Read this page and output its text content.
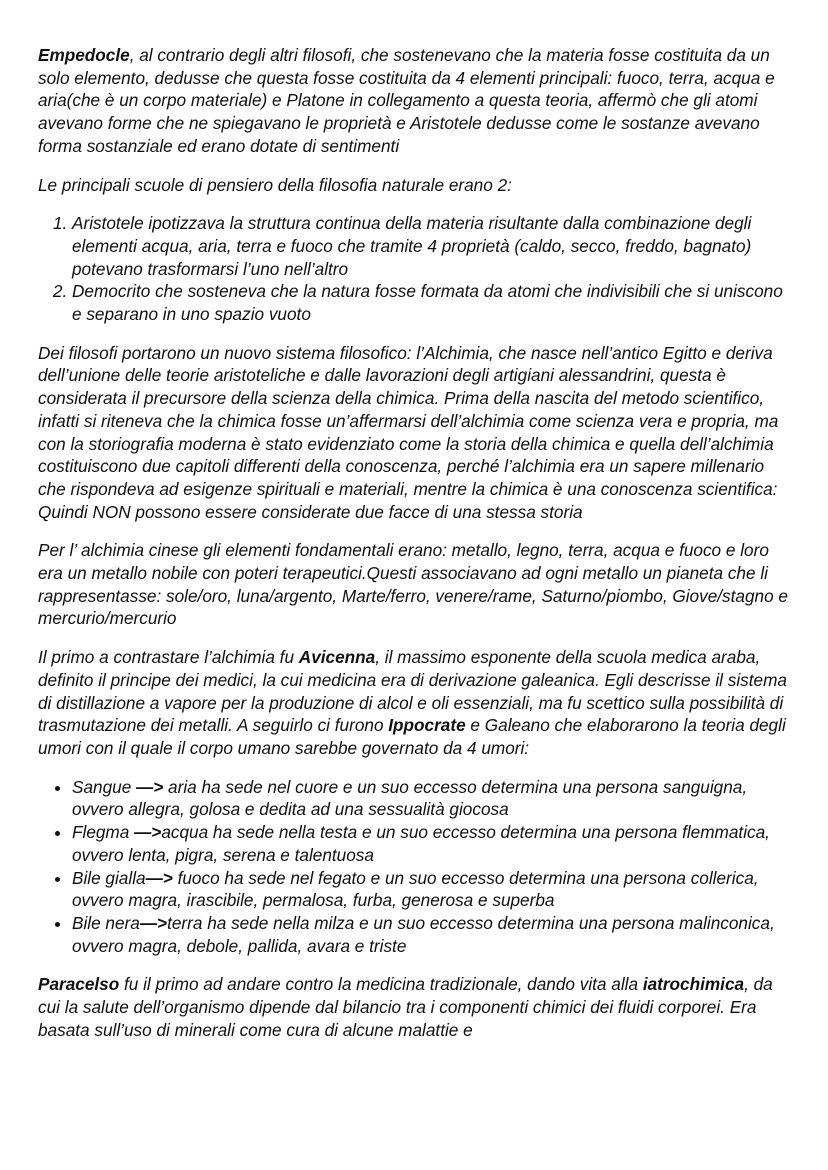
Empedocle, al contrario degli altri filosofi, che sostenevano che la materia fosse costituita da un solo elemento, dedusse che questa fosse costituita da 4 elementi principali: fuoco, terra, acqua e aria(che è un corpo materiale) e Platone in collegamento a questa teoria, affermò che gli atomi avevano forme che ne spiegavano le proprietà e Aristotele dedusse come le sostanze avevano forma sostanziale ed erano dotate di sentimenti

Le principali scuole di pensiero della filosofia naturale erano 2:

1. Aristotele ipotizzava la struttura continua della materia risultante dalla combinazione degli elementi acqua, aria, terra e fuoco che tramite 4 proprietà (caldo, secco, freddo, bagnato) potevano trasformarsi l’uno nell’altro
2. Democrito che sosteneva che la natura fosse formata da atomi che indivisibili che si uniscono e separano in uno spazio vuoto

Dei filosofi portarono un nuovo sistema filosofico: l’Alchimia, che nasce nell’antico Egitto e deriva dell’unione delle teorie aristoteliche e dalle lavorazioni degli artigiani alessandrini, questa è considerata il precursore della scienza della chimica. Prima della nascita del metodo scientifico, infatti si riteneva che la chimica fosse un’affermarsi dell’alchimia come scienza vera e propria, ma con la storiografia moderna è stato evidenziato come la storia della chimica e quella dell’alchimia costituiscono due capitoli differenti della conoscenza, perché l’alchimia era un sapere millenario che rispondeva ad esigenze spirituali e materiali, mentre la chimica è una conoscenza scientifica: Quindi NON possono essere considerate due facce di una stessa storia

Per l’ alchimia cinese gli elementi fondamentali erano: metallo, legno, terra, acqua e fuoco e loro era un metallo nobile con poteri terapeutici.Questi associavano ad ogni metallo un pianeta che li rappresentasse: sole/oro, luna/argento, Marte/ferro, venere/rame, Saturno/piombo, Giove/stagno e mercurio/mercurio

Il primo a contrastare l’alchimia fu Avicenna, il massimo esponente della scuola medica araba, definito il principe dei medici, la cui medicina era di derivazione galeanica. Egli descrisse il sistema di distillazione a vapore per la produzione di alcol e oli essenziali, ma fu scettico sulla possibilità di trasmutazione dei metalli. A seguirlo ci furono Ippocrate e Galeano che elaborarono la teoria degli umori con il quale il corpo umano sarebbe governato da 4 umori:

• Sangue —> aria ha sede nel cuore e un suo eccesso determina una persona sanguigna, ovvero allegra, golosa e dedita ad una sessualità giocosa
• Flegma —>acqua ha sede nella testa e un suo eccesso determina una persona flemmatica, ovvero lenta, pigra, serena e talentuosa
• Bile gialla—> fuoco ha sede nel fegato e un suo eccesso determina una persona collerica, ovvero magra, irascibile, permalosa, furba, generosa e superba
• Bile nera—>terra ha sede nella milza e un suo eccesso determina una persona malinconica, ovvero magra, debole, pallida, avara e triste

Paracelso fu il primo ad andare contro la medicina tradizionale, dando vita alla iatrochimica, da cui la salute dell’organismo dipende dal bilancio tra i componenti chimici dei fluidi corporei. Era basata sull’uso di minerali come cura di alcune malattie e
